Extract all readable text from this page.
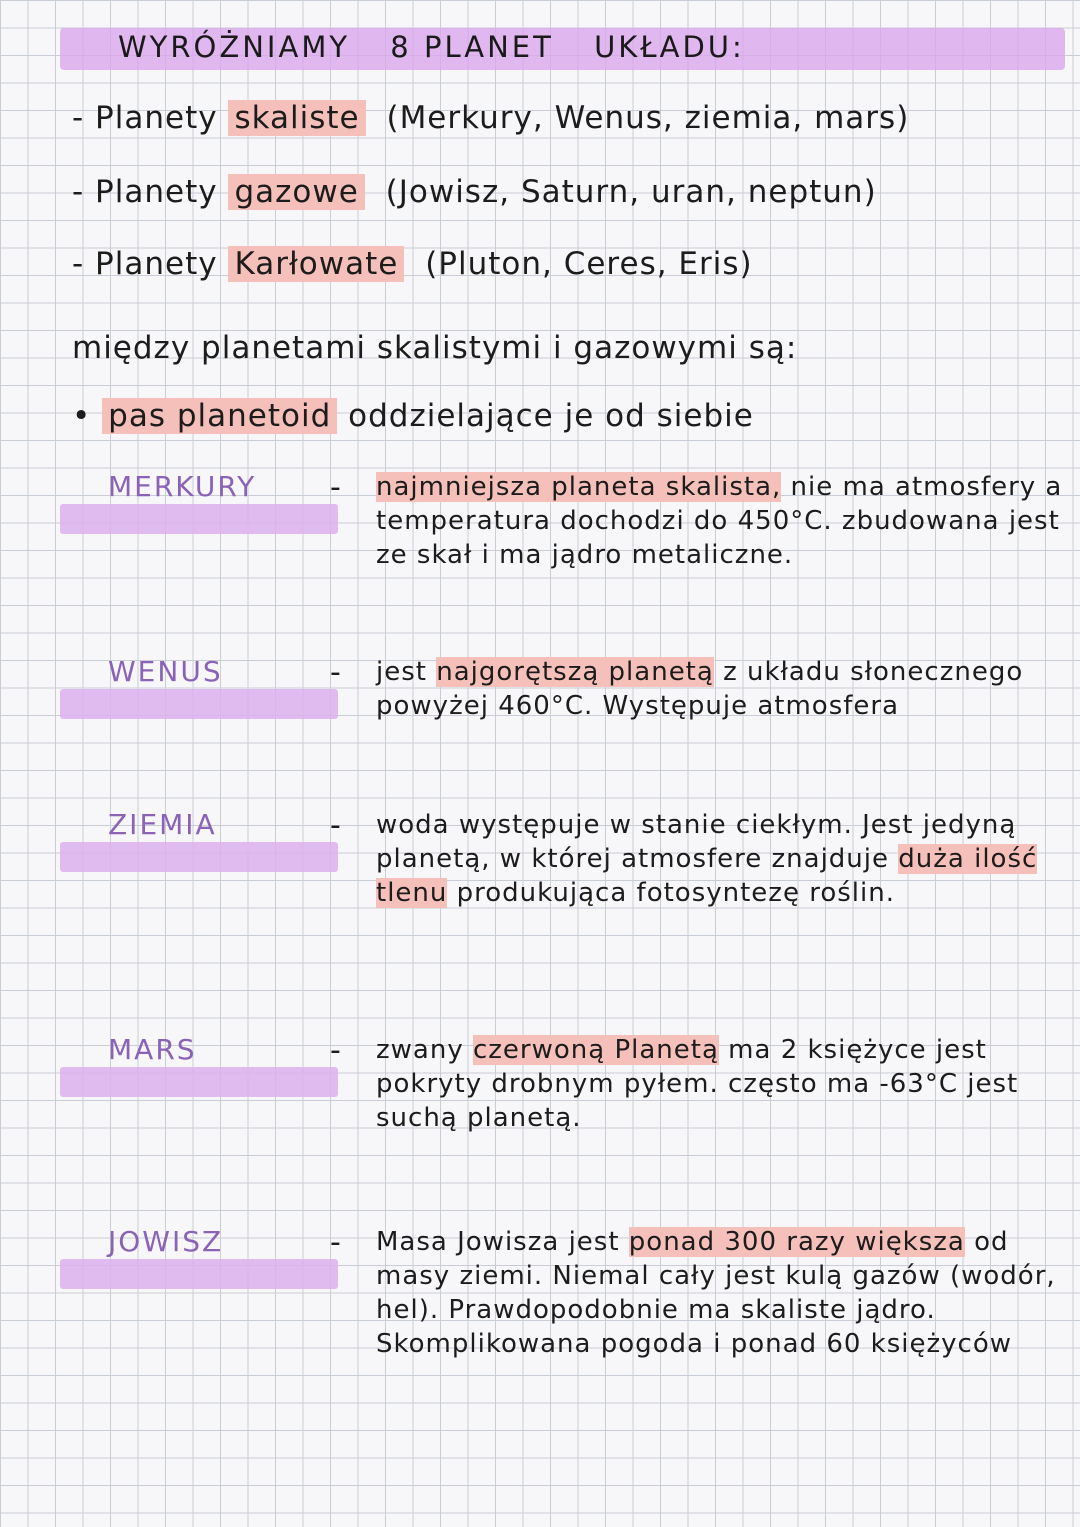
WYRÓŻNIAMY 8 PLANET UKŁADU:
- Planety skaliste (Merkury, Wenus, ziemia, mars)
- Planety gazowe (Jowisz, Saturn, uran, neptun)
- Planety Karłowate (Pluton, Ceres, Eris)
między planetami skalistymi i gazowymi są:
• pas planetoid oddzielające je od siebie
MERKURY - najmniejsza planeta skalista, nie ma atmosfery a temperatura dochodzi do 450°C. zbudowana jest ze skał i ma jądro metaliczne.
WENUS	- jest najgorętszą planetą z układu słonecznego powyżej 460°C. Występuje atmosfera
ZIEMIA	- woda występuje w stanie ciekłym. Jest jedyną planetą, w której atmosfere znajduje duża ilość tlenu produkująca fotosyntezę roślin.
MARS	- zwany czerwoną Planetą ma 2 księżyce jest pokryty drobnym pyłem. często ma -63°C jest suchą planetą.
JOWISZ	- Masa Jowisza jest ponad 300 razy większa od masy ziemi. Niemal cały jest kulą gazów (wodór, hel). Prawdopodobnie ma skaliste jądro. Skomplikowana pogoda i ponad 60 księżyców
